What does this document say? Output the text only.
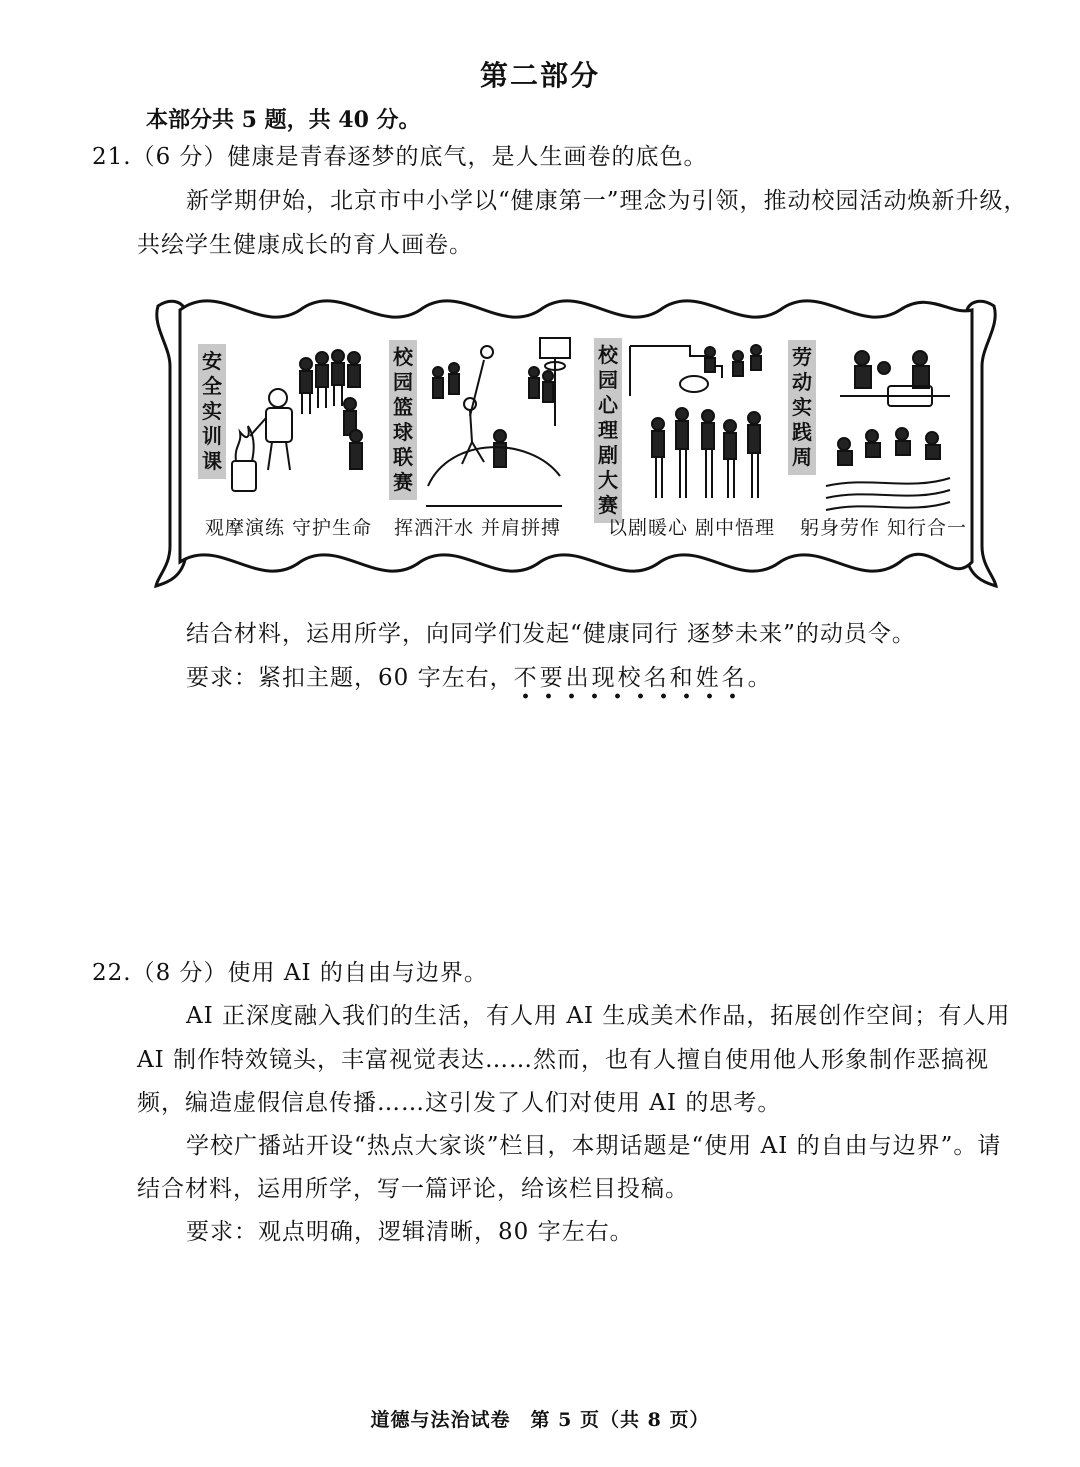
第二部分
本部分共 5 题，共 40 分。
21.（6 分）健康是青春逐梦的底气，是人生画卷的底色。
新学期伊始，北京市中小学以“健康第一”理念为引领，推动校园活动焕新升级，
共绘学生健康成长的育人画卷。
安全实训课
校园篮球联赛
校园心理剧大赛
劳动实践周
观摩演练 守护生命 挥洒汗水 并肩拼搏 以剧暖心 剧中悟理 躬身劳作 知行合一
结合材料，运用所学，向同学们发起“健康同行 逐梦未来”的动员令。
要求：紧扣主题，60 字左右，不要出现校名和姓名
。
22.（8 分）使用 AI 的自由与边界。
AI 正深度融入我们的生活，有人用 AI 生成美术作品，拓展创作空间；有人用
AI 制作特效镜头，丰富视觉表达……然而，也有人擅自使用他人形象制作恶搞视
频，编造虚假信息传播……这引发了人们对使用 AI 的思考。
学校广播站开设“热点大家谈”栏目，本期话题是“使用 AI 的自由与边界”。请
结合材料，运用所学，写一篇评论，给该栏目投稿。
要求：观点明确，逻辑清晰，80 字左右。
道德与法治试卷　第 5 页（共 8 页）
